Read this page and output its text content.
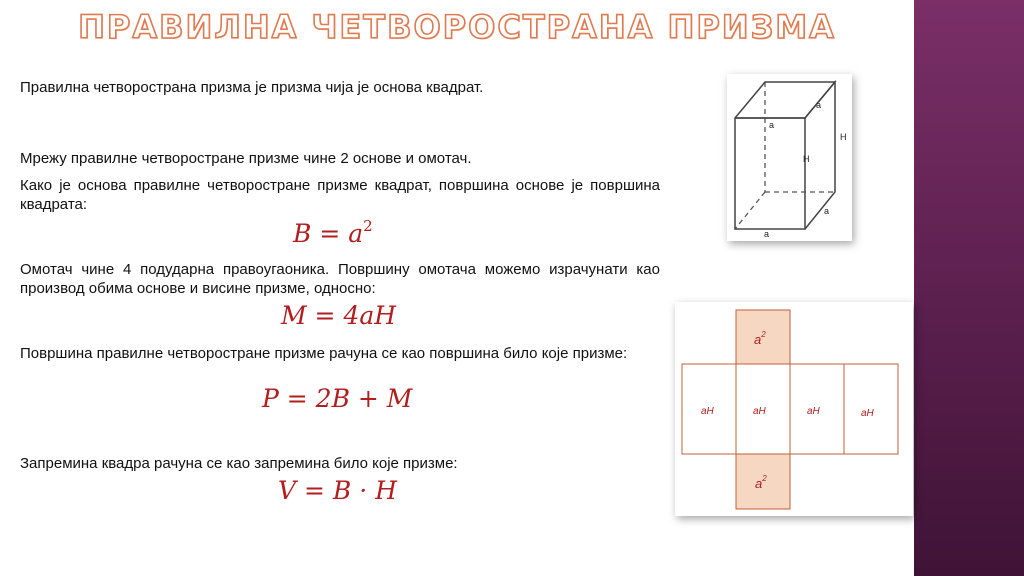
ПРАВИЛНА ЧЕТВОРОСТРАНА ПРИЗМА

Правилна четворострана призма је призма чија је основа квадрат.

Мрежу правилне четворостране призме чине 2 основе и омотач.

Како је основа правилне четворостране призме квадрат, површина основе је површина квадрата:

$B = a^2$

Омотач чине 4 подударна правоугаоника. Површину омотача можемо израчунати као производ обима основе и висине призме, односно:

M = 4aH

Површина правилне четворостране призме рачуна се као површина било које призме:

P = 2B + M

Запремина квадра рачуна се као запремина било које призме:

V = B · H
a
a
H
H
a
a
$a^2$
aH	aH	aH	aH
$a^2$
